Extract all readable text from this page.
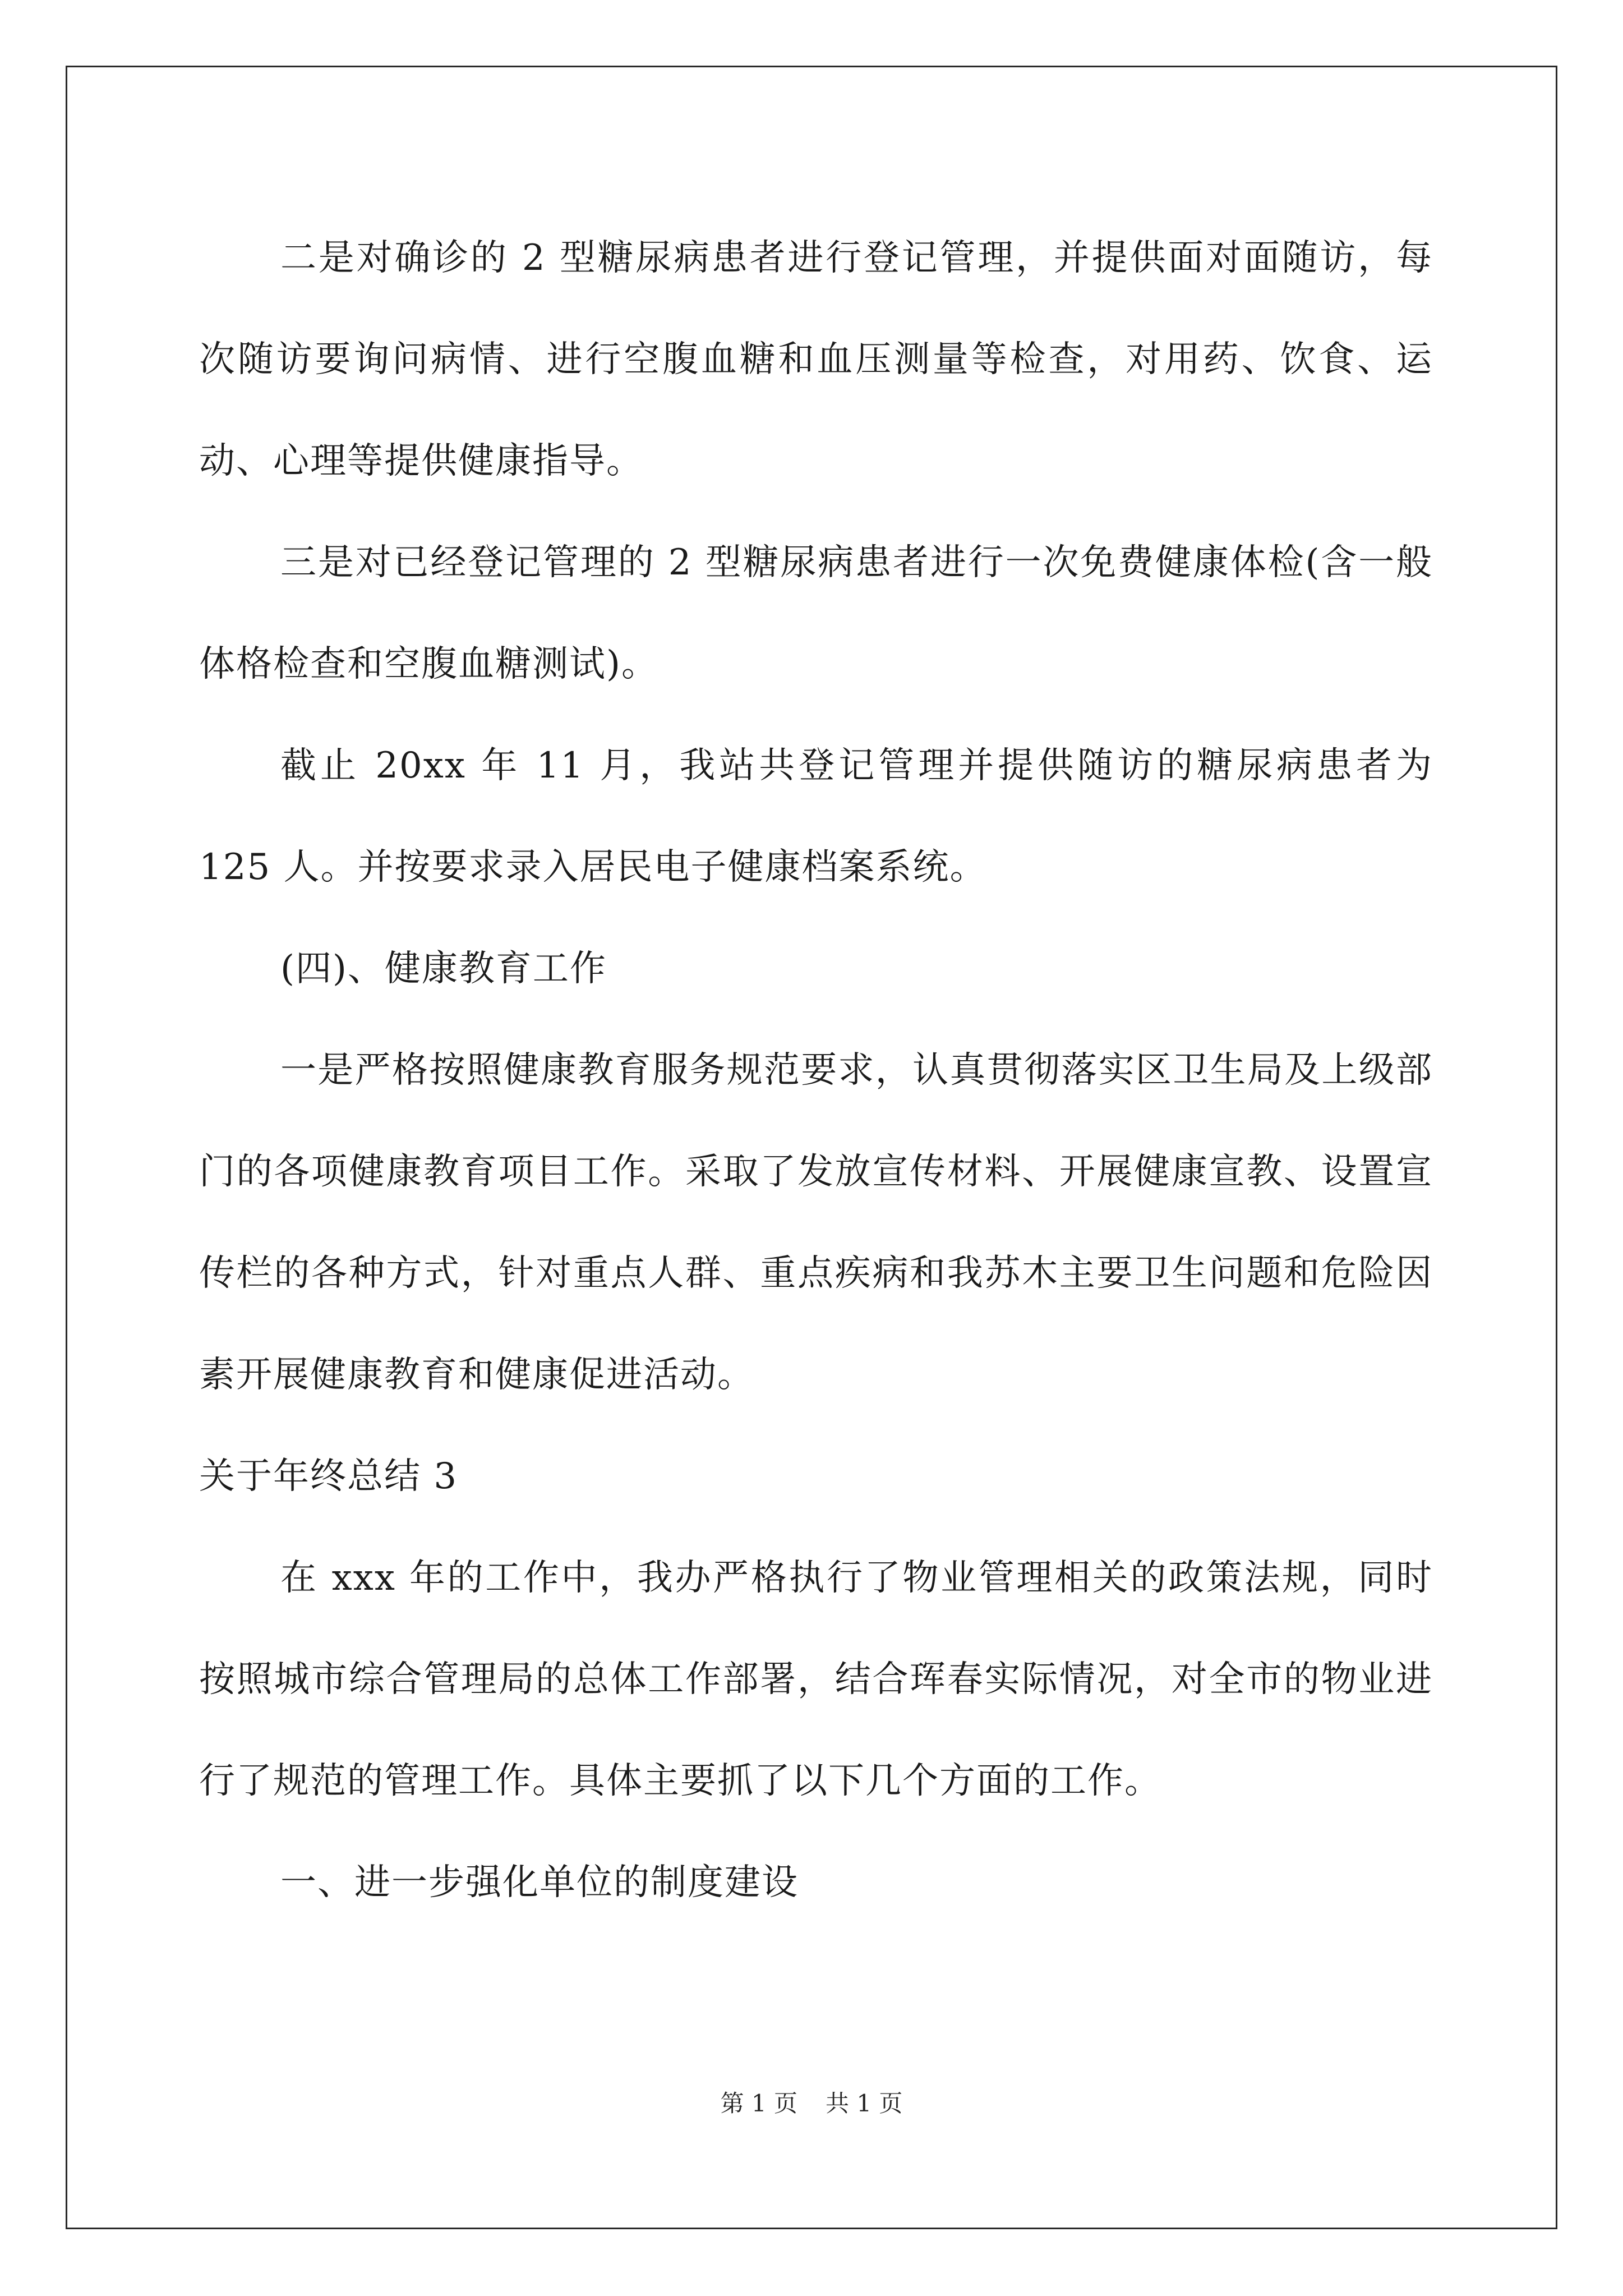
二是对确诊的 2 型糖尿病患者进行登记管理，并提供面对面随访，每次随访要询问病情、进行空腹血糖和血压测量等检查，对用药、饮食、运动、心理等提供健康指导。

三是对已经登记管理的 2 型糖尿病患者进行一次免费健康体检(含一般体格检查和空腹血糖测试)。

截止 20xx 年 11 月，我站共登记管理并提供随访的糖尿病患者为 125 人。并按要求录入居民电子健康档案系统。

(四)、健康教育工作

一是严格按照健康教育服务规范要求，认真贯彻落实区卫生局及上级部门的各项健康教育项目工作。采取了发放宣传材料、开展健康宣教、设置宣传栏的各种方式，针对重点人群、重点疾病和我苏木主要卫生问题和危险因素开展健康教育和健康促进活动。

关于年终总结 3

在 xxx 年的工作中，我办严格执行了物业管理相关的政策法规，同时按照城市综合管理局的总体工作部署，结合珲春实际情况，对全市的物业进行了规范的管理工作。具体主要抓了以下几个方面的工作。

一、进一步强化单位的制度建设

第 1 页 共 1 页
